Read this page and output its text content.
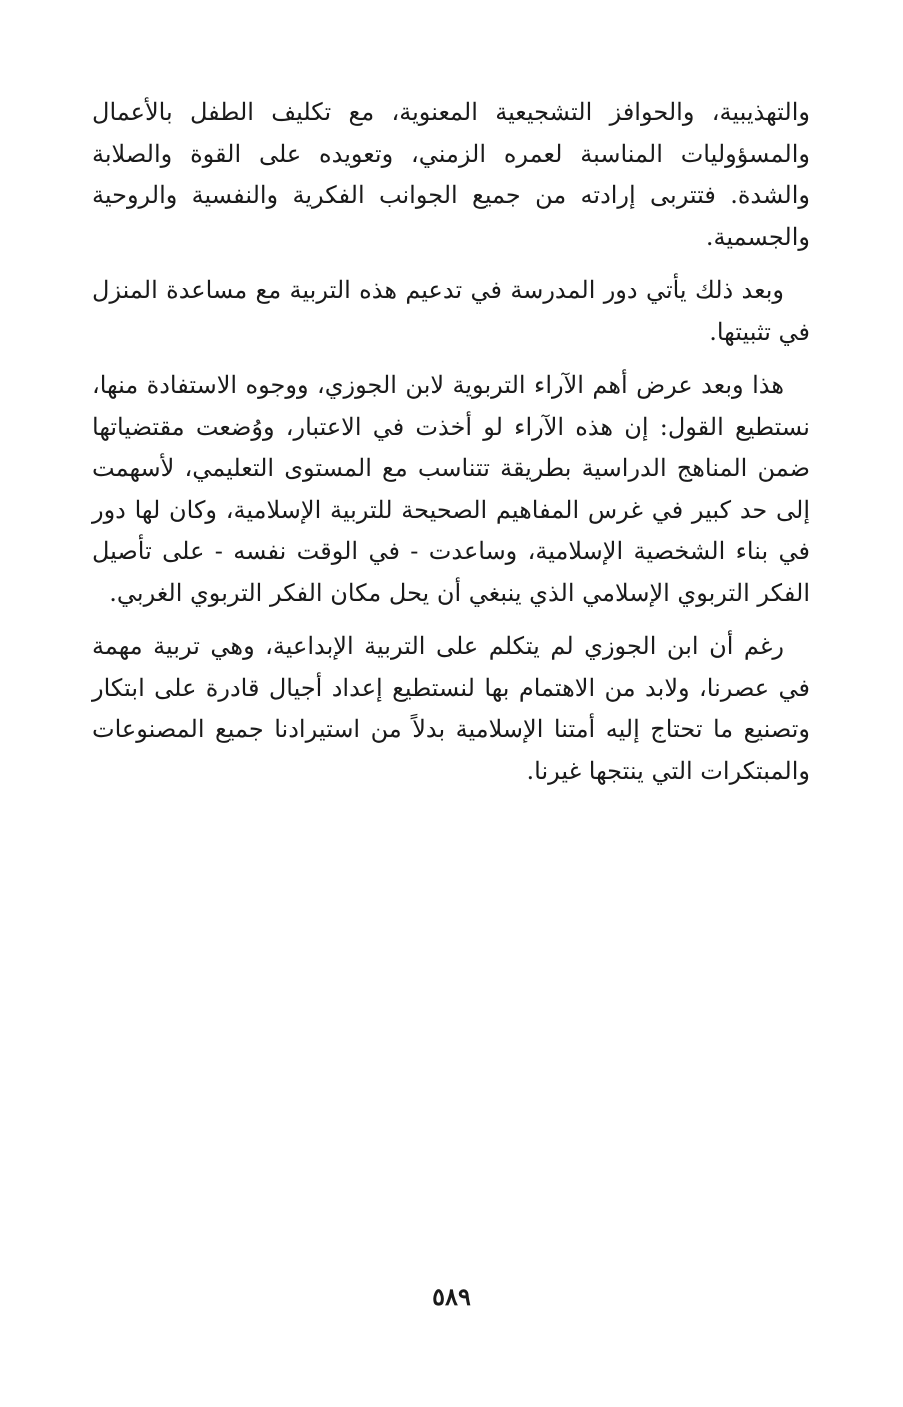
والتهذيبية، والحوافز التشجيعية المعنوية، مع تكليف الطفل بالأعمال والمسؤوليات المناسبة لعمره الزمني، وتعويده على القوة والصلابة والشدة. فتتربى إرادته من جميع الجوانب الفكرية والنفسية والروحية والجسمية.

وبعد ذلك يأتي دور المدرسة في تدعيم هذه التربية مع مساعدة المنزل في تثبيتها.

هذا وبعد عرض أهم الآراء التربوية لابن الجوزي، ووجوه الاستفادة منها، نستطيع القول: إن هذه الآراء لو أخذت في الاعتبار، ووُضعت مقتضياتها ضمن المناهج الدراسية بطريقة تتناسب مع المستوى التعليمي، لأسهمت إلى حد كبير في غرس المفاهيم الصحيحة للتربية الإسلامية، وكان لها دور في بناء الشخصية الإسلامية، وساعدت - في الوقت نفسه - على تأصيل الفكر التربوي الإسلامي الذي ينبغي أن يحل مكان الفكر التربوي الغربي.

رغم أن ابن الجوزي لم يتكلم على التربية الإبداعية، وهي تربية مهمة في عصرنا، ولابد من الاهتمام بها لنستطيع إعداد أجيال قادرة على ابتكار وتصنيع ما تحتاج إليه أمتنا الإسلامية بدلاً من استيرادنا جميع المصنوعات والمبتكرات التي ينتجها غيرنا.

٥٨٩
